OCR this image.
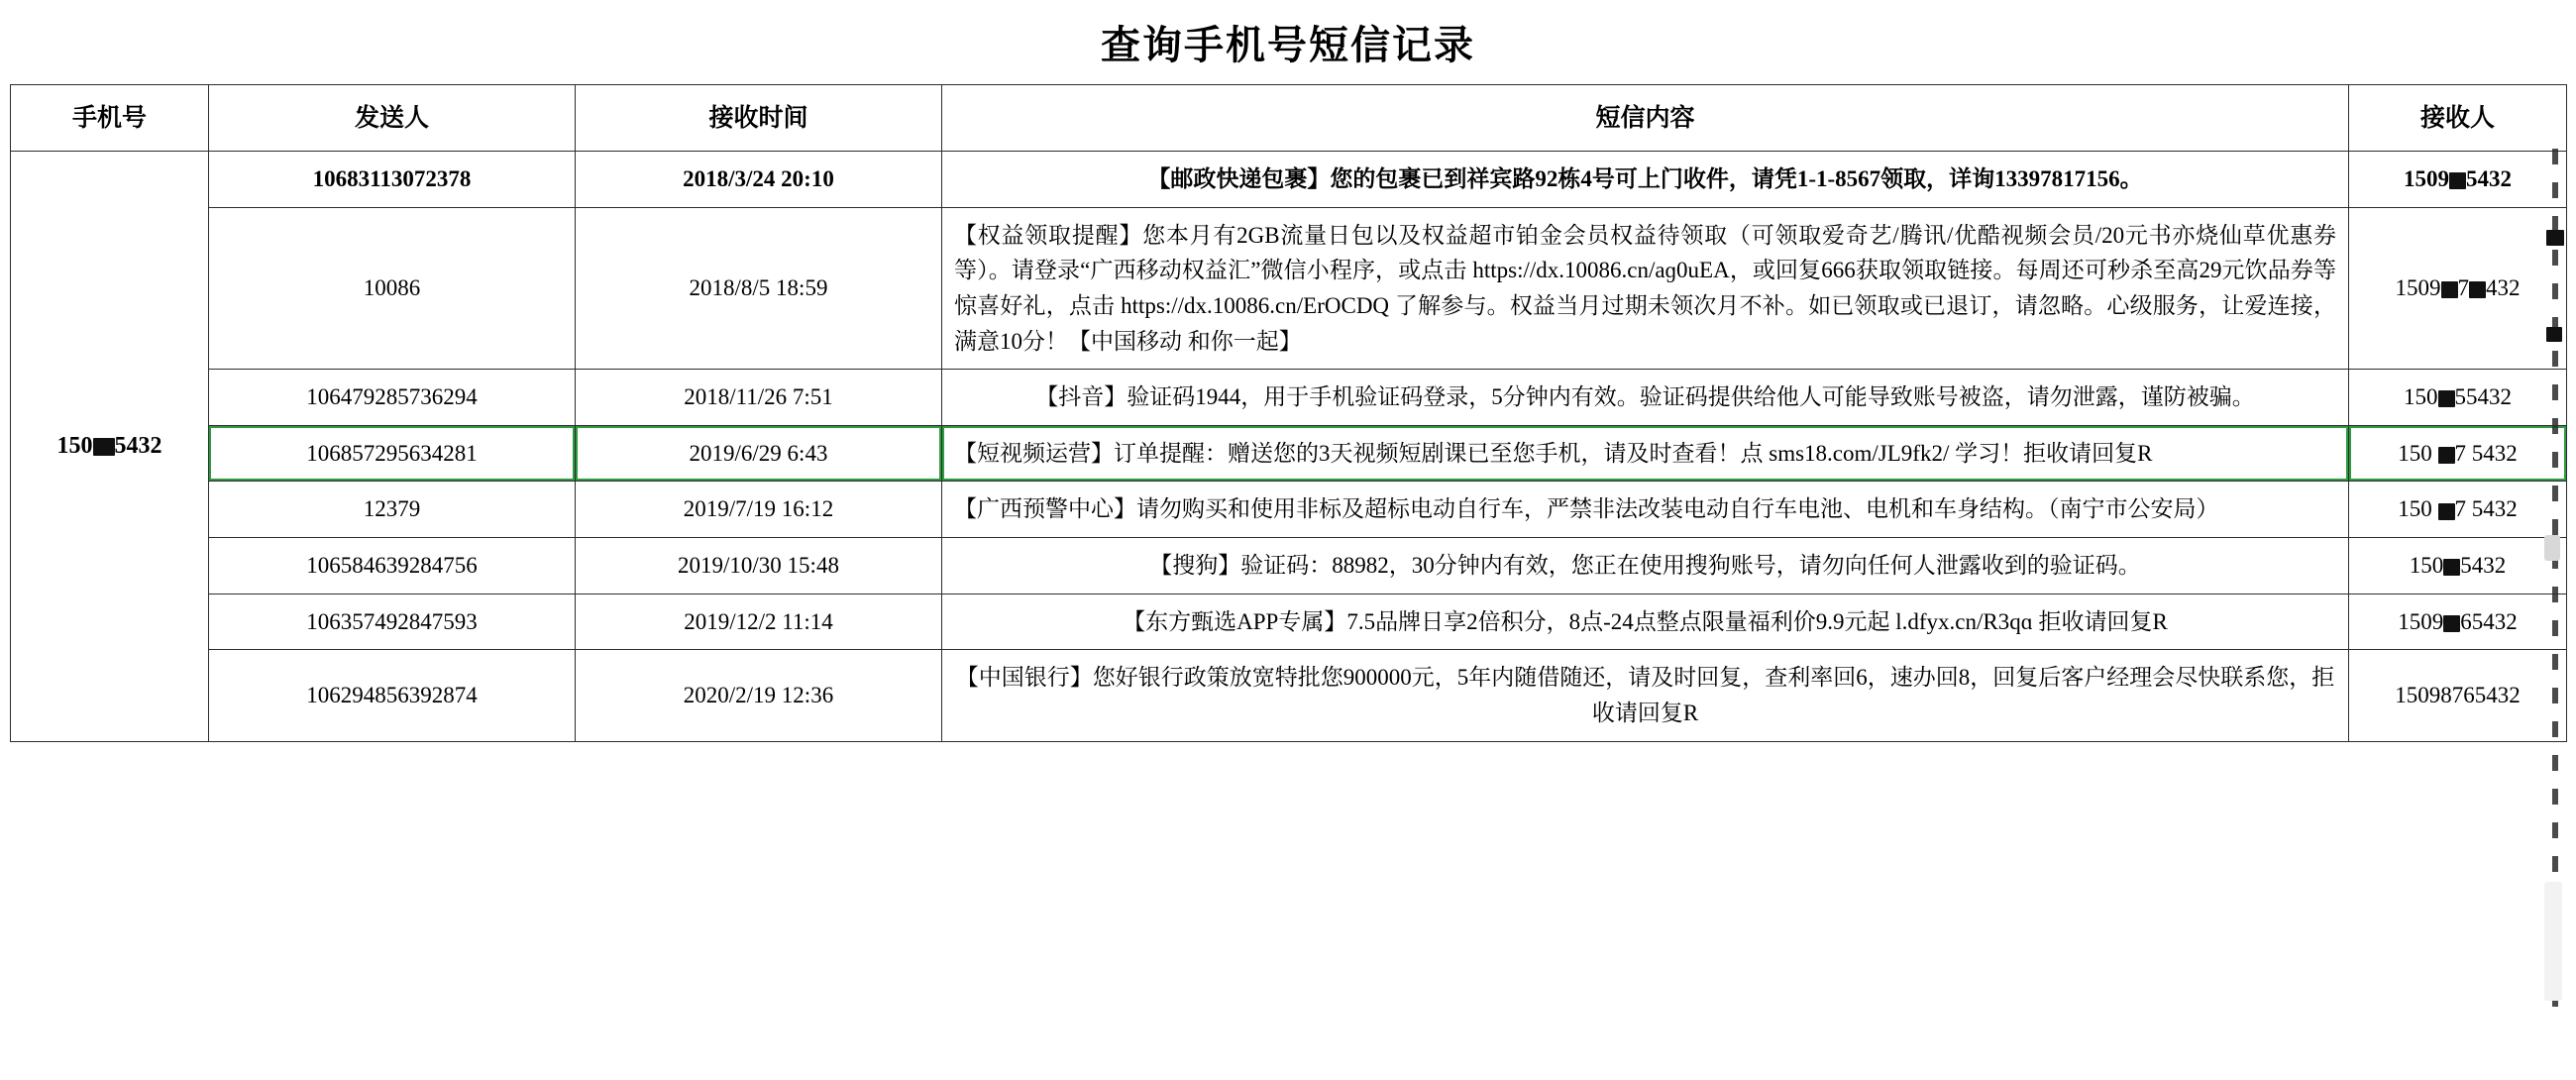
查询手机号短信记录
手机号	发送人	接收时间	短信内容	接收人
150 5432	10683113072378	2018/3/24 20:10	【邮政快递包裹】您的包裹已到祥宾路92栋4号可上门收件，请凭1-1-8567领取，详询13397817156。	1509 5432
	10086	2018/8/5 18:59	【权益领取提醒】您本月有2GB流量日包以及权益超市铂金会员权益待领取（可领取爱奇艺/腾讯/优酷视频会员/20元书亦烧仙草优惠券等）。请登录“广西移动权益汇”微信小程序，或点击 https://dx.10086.cn/aɡ0uEA，或回复666获取领取链接。每周还可秒杀至高29元饮品券等惊喜好礼，点击 https://dx.10086.cn/ErOCDQ 了解参与。权益当月过期未领次月不补。如已领取或已退订，请忽略。心级服务，让爱连接，满意10分！【中国移动 和你一起】	1509 7 432
	106479285736294	2018/11/26 7:51	【抖音】验证码1944，用于手机验证码登录，5分钟内有效。验证码提供给他人可能导致账号被盗，请勿泄露，谨防被骗。	150 55432
	106857295634281	2019/6/29 6:43	【短视频运营】订单提醒：赠送您的3天视频短剧课已至您手机，请及时查看！点 sms18.com/JL9fk2/ 学习！拒收请回复R	150 7 5432
	12379	2019/7/19 16:12	【广西预警中心】请勿购买和使用非标及超标电动自行车，严禁非法改装电动自行车电池、电机和车身结构。（南宁市公安局）	150 7 5432
	106584639284756	2019/10/30 15:48	【搜狗】验证码：88982，30分钟内有效，您正在使用搜狗账号，请勿向任何人泄露收到的验证码。	150 5432
	106357492847593	2019/12/2 11:14	【东方甄选APP专属】7.5品牌日享2倍积分，8点-24点整点限量福利价9.9元起 l.dfyx.cn/R3qɑ 拒收请回复R	1509 65432
	106294856392874	2020/2/19 12:36	【中国银行】您好银行政策放宽特批您900000元，5年内随借随还，请及时回复，查利率回6，速办回8，回复后客户经理会尽快联系您，拒收请回复R	15098765432
